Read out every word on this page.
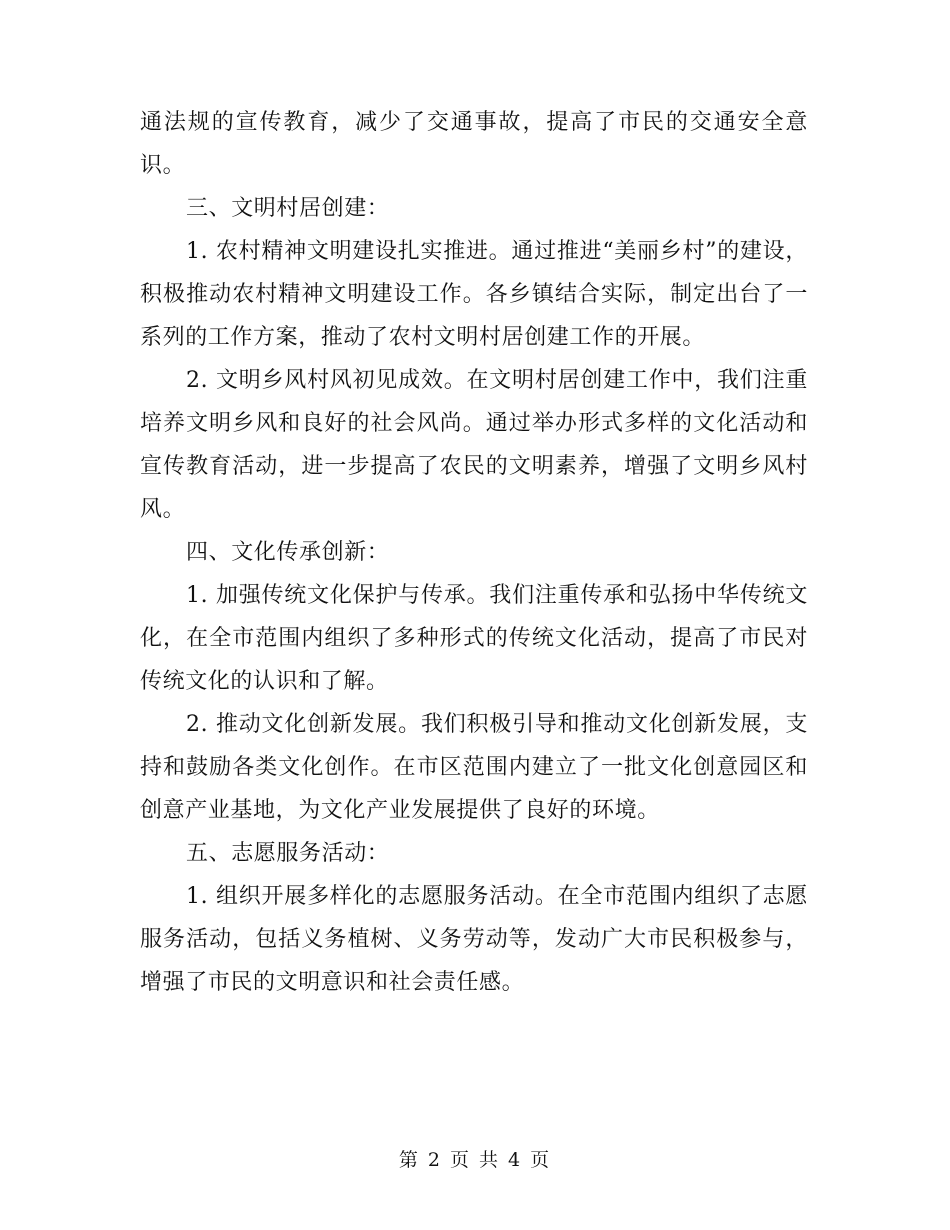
通法规的宣传教育，减少了交通事故，提高了市民的交通安全意识。

三、文明村居创建：

1. 农村精神文明建设扎实推进。通过推进“美丽乡村”的建设，积极推动农村精神文明建设工作。各乡镇结合实际，制定出台了一系列的工作方案，推动了农村文明村居创建工作的开展。

2. 文明乡风村风初见成效。在文明村居创建工作中，我们注重培养文明乡风和良好的社会风尚。通过举办形式多样的文化活动和宣传教育活动，进一步提高了农民的文明素养，增强了文明乡风村风。

四、文化传承创新：

1. 加强传统文化保护与传承。我们注重传承和弘扬中华传统文化，在全市范围内组织了多种形式的传统文化活动，提高了市民对传统文化的认识和了解。

2. 推动文化创新发展。我们积极引导和推动文化创新发展，支持和鼓励各类文化创作。在市区范围内建立了一批文化创意园区和创意产业基地，为文化产业发展提供了良好的环境。

五、志愿服务活动：

1. 组织开展多样化的志愿服务活动。在全市范围内组织了志愿服务活动，包括义务植树、义务劳动等，发动广大市民积极参与，增强了市民的文明意识和社会责任感。

第 2 页 共 4 页
